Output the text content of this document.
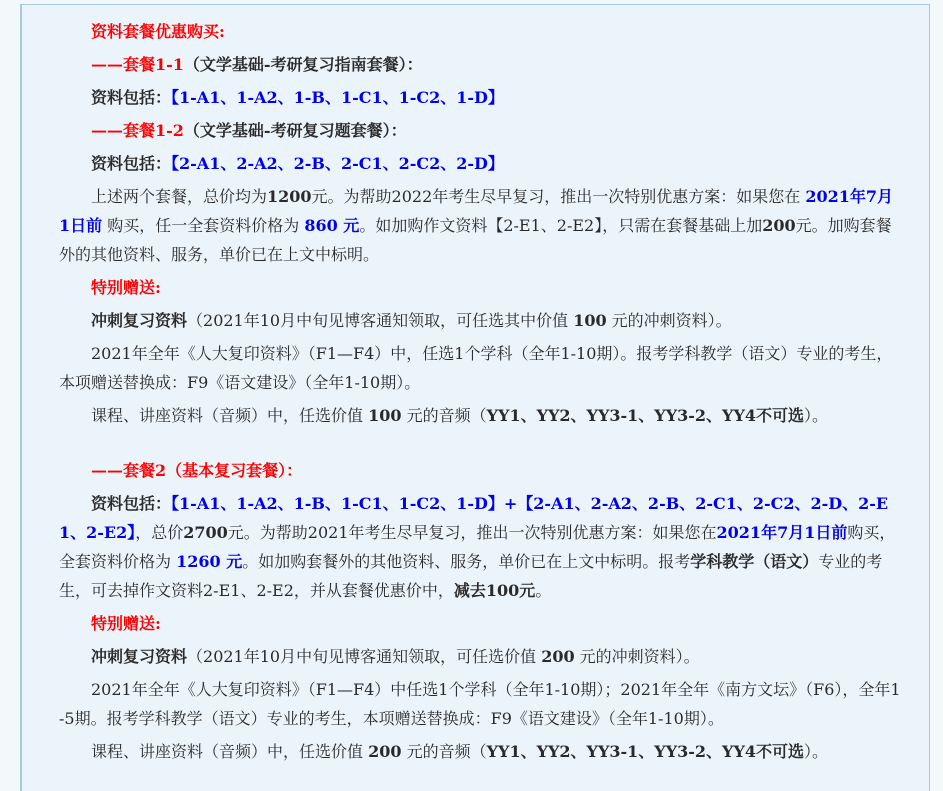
资料套餐优惠购买:

——套餐1-1（文学基础-考研复习指南套餐）：

资料包括：【1-A1、1-A2、1-B、1-C1、1-C2、1-D】

——套餐1-2（文学基础-考研复习题套餐）：

资料包括：【2-A1、2-A2、2-B、2-C1、2-C2、2-D】

上述两个套餐，总价均为1200元。为帮助2022年考生尽早复习，推出一次特别优惠方案：如果您在 2021年7月1日前 购买，任一全套资料价格为 860 元。如加购作文资料【2-E1、2-E2】，只需在套餐基础上加200元。加购套餐外的其他资料、服务，单价已在上文中标明。

特别赠送:

冲刺复习资料（2021年10月中旬见博客通知领取，可任选其中价值 100 元的冲刺资料）。

2021年全年《人大复印资料》（F1—F4）中，任选1个学科（全年1-10期）。报考学科教学（语文）专业的考生，本项赠送替换成：F9《语文建设》（全年1-10期）。

课程、讲座资料（音频）中，任选价值 100 元的音频（YY1、YY2、YY3-1、YY3-2、YY4不可选）。

——套餐2（基本复习套餐）：

资料包括：【1-A1、1-A2、1-B、1-C1、1-C2、1-D】+【2-A1、2-A2、2-B、2-C1、2-C2、2-D、2-E1、2-E2】，总价2700元。为帮助2021年考生尽早复习，推出一次特别优惠方案：如果您在2021年7月1日前购买，全套资料价格为 1260 元。如加购套餐外的其他资料、服务，单价已在上文中标明。报考学科教学（语文）专业的考生，可去掉作文资料2-E1、2-E2，并从套餐优惠价中，减去100元。

特别赠送:

冲刺复习资料（2021年10月中旬见博客通知领取，可任选价值 200 元的冲刺资料）。

2021年全年《人大复印资料》（F1—F4）中任选1个学科（全年1-10期）；2021年全年《南方文坛》（F6），全年1-5期。报考学科教学（语文）专业的考生，本项赠送替换成：F9《语文建设》（全年1-10期）。

课程、讲座资料（音频）中，任选价值 200 元的音频（YY1、YY2、YY3-1、YY3-2、YY4不可选）。
